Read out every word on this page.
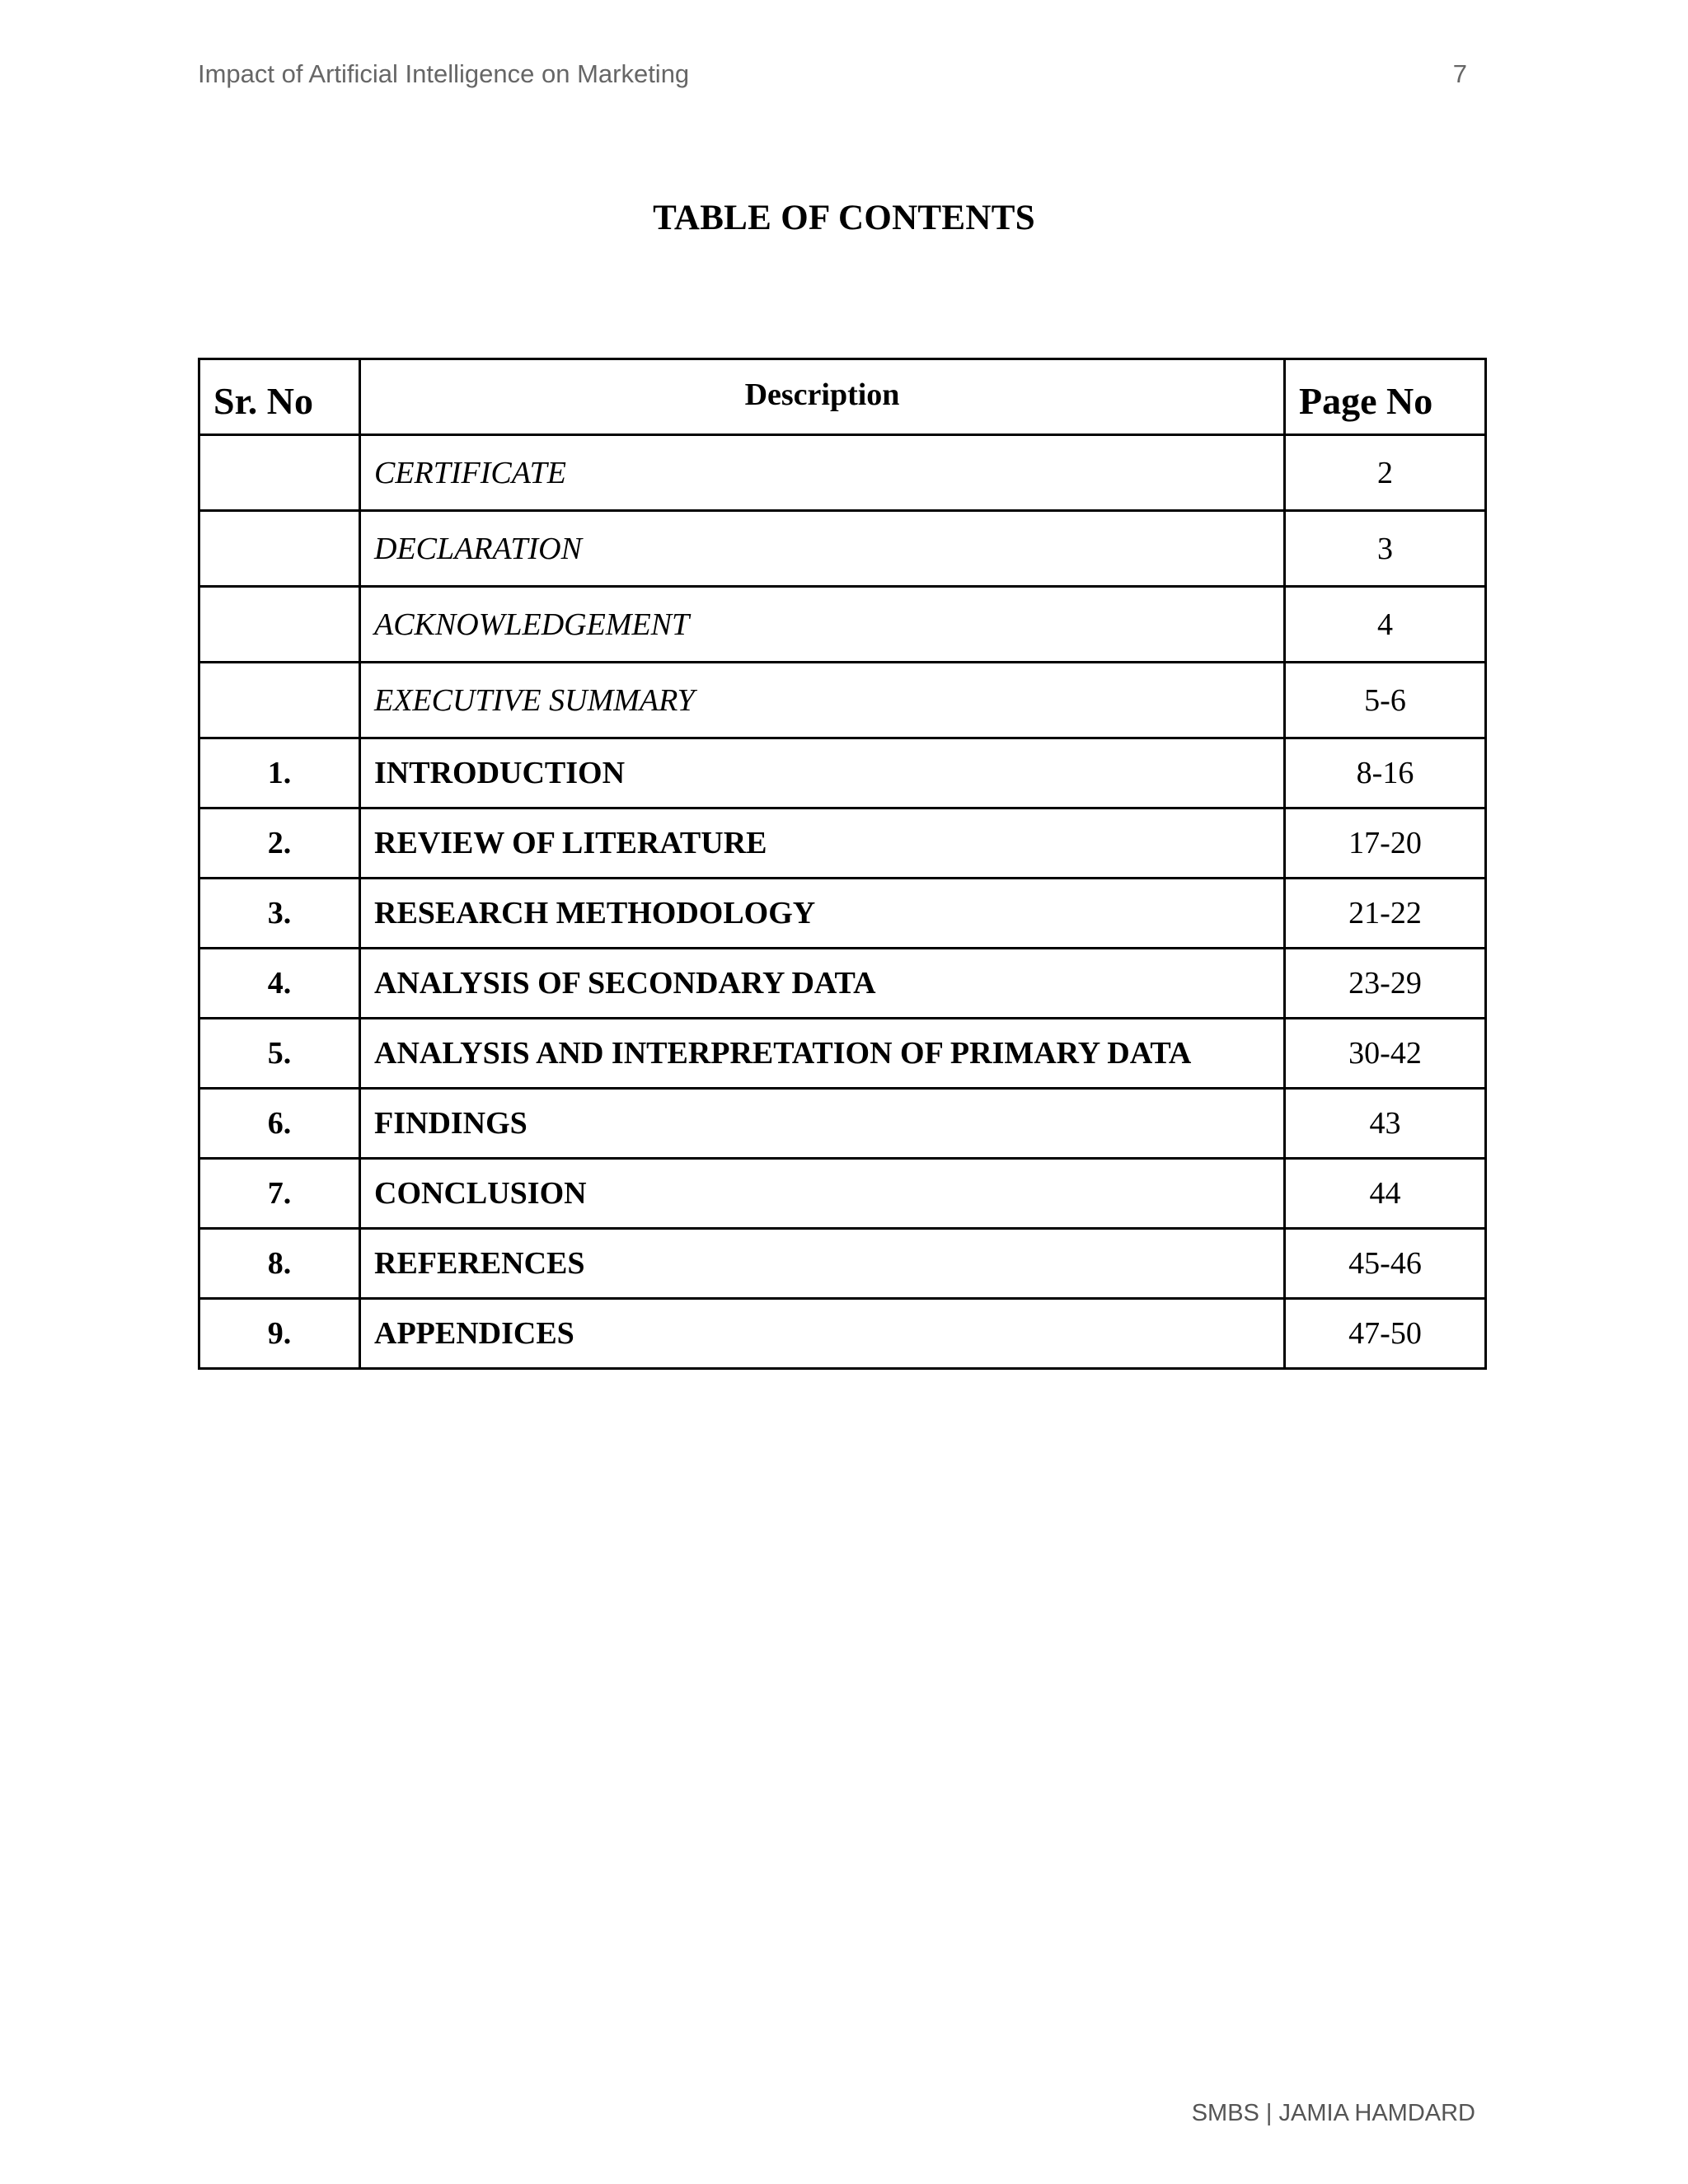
Impact of Artificial Intelligence on Marketing	7
TABLE OF CONTENTS
Sr. No	Description	Page No
	CERTIFICATE	2
	DECLARATION	3
	ACKNOWLEDGEMENT	4
	EXECUTIVE SUMMARY	5-6
1.	INTRODUCTION	8-16
2.	REVIEW OF LITERATURE	17-20
3.	RESEARCH METHODOLOGY	21-22
4.	ANALYSIS OF SECONDARY DATA	23-29
5.	ANALYSIS AND INTERPRETATION OF PRIMARY DATA	30-42
6.	FINDINGS	43
7.	CONCLUSION	44
8.	REFERENCES	45-46
9.	APPENDICES	47-50
SMBS | JAMIA HAMDARD
